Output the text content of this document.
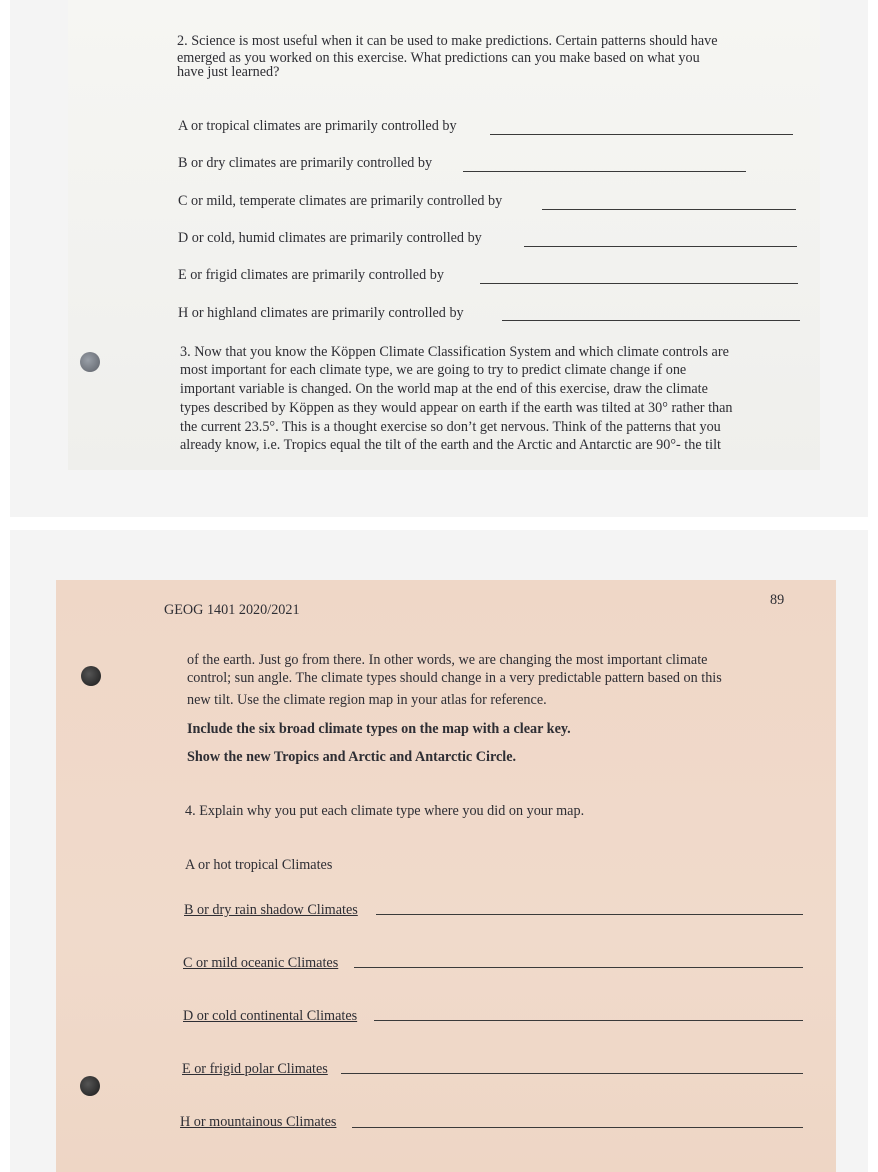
2. Science is most useful when it can be used to make predictions. Certain patterns should have
emerged as you worked on this exercise. What predictions can you make based on what you
have just learned?
A or tropical climates are primarily controlled by
B or dry climates are primarily controlled by
C or mild, temperate climates are primarily controlled by
D or cold, humid climates are primarily controlled by
E or frigid climates are primarily controlled by
H or highland climates are primarily controlled by
3. Now that you know the Köppen Climate Classification System and which climate controls are
most important for each climate type, we are going to try to predict climate change if one
important variable is changed. On the world map at the end of this exercise, draw the climate
types described by Köppen as they would appear on earth if the earth was tilted at 30° rather than
the current 23.5°. This is a thought exercise so don’t get nervous. Think of the patterns that you
already know, i.e. Tropics equal the tilt of the earth and the Arctic and Antarctic are 90°- the tilt
GEOG 1401 2020/2021
89
of the earth. Just go from there. In other words, we are changing the most important climate
control; sun angle. The climate types should change in a very predictable pattern based on this
new tilt. Use the climate region map in your atlas for reference.
Include the six broad climate types on the map with a clear key.
Show the new Tropics and Arctic and Antarctic Circle.
4. Explain why you put each climate type where you did on your map.
A or hot tropical Climates
B or dry rain shadow Climates
C or mild oceanic Climates
D or cold continental Climates
E or frigid polar Climates
H or mountainous Climates
